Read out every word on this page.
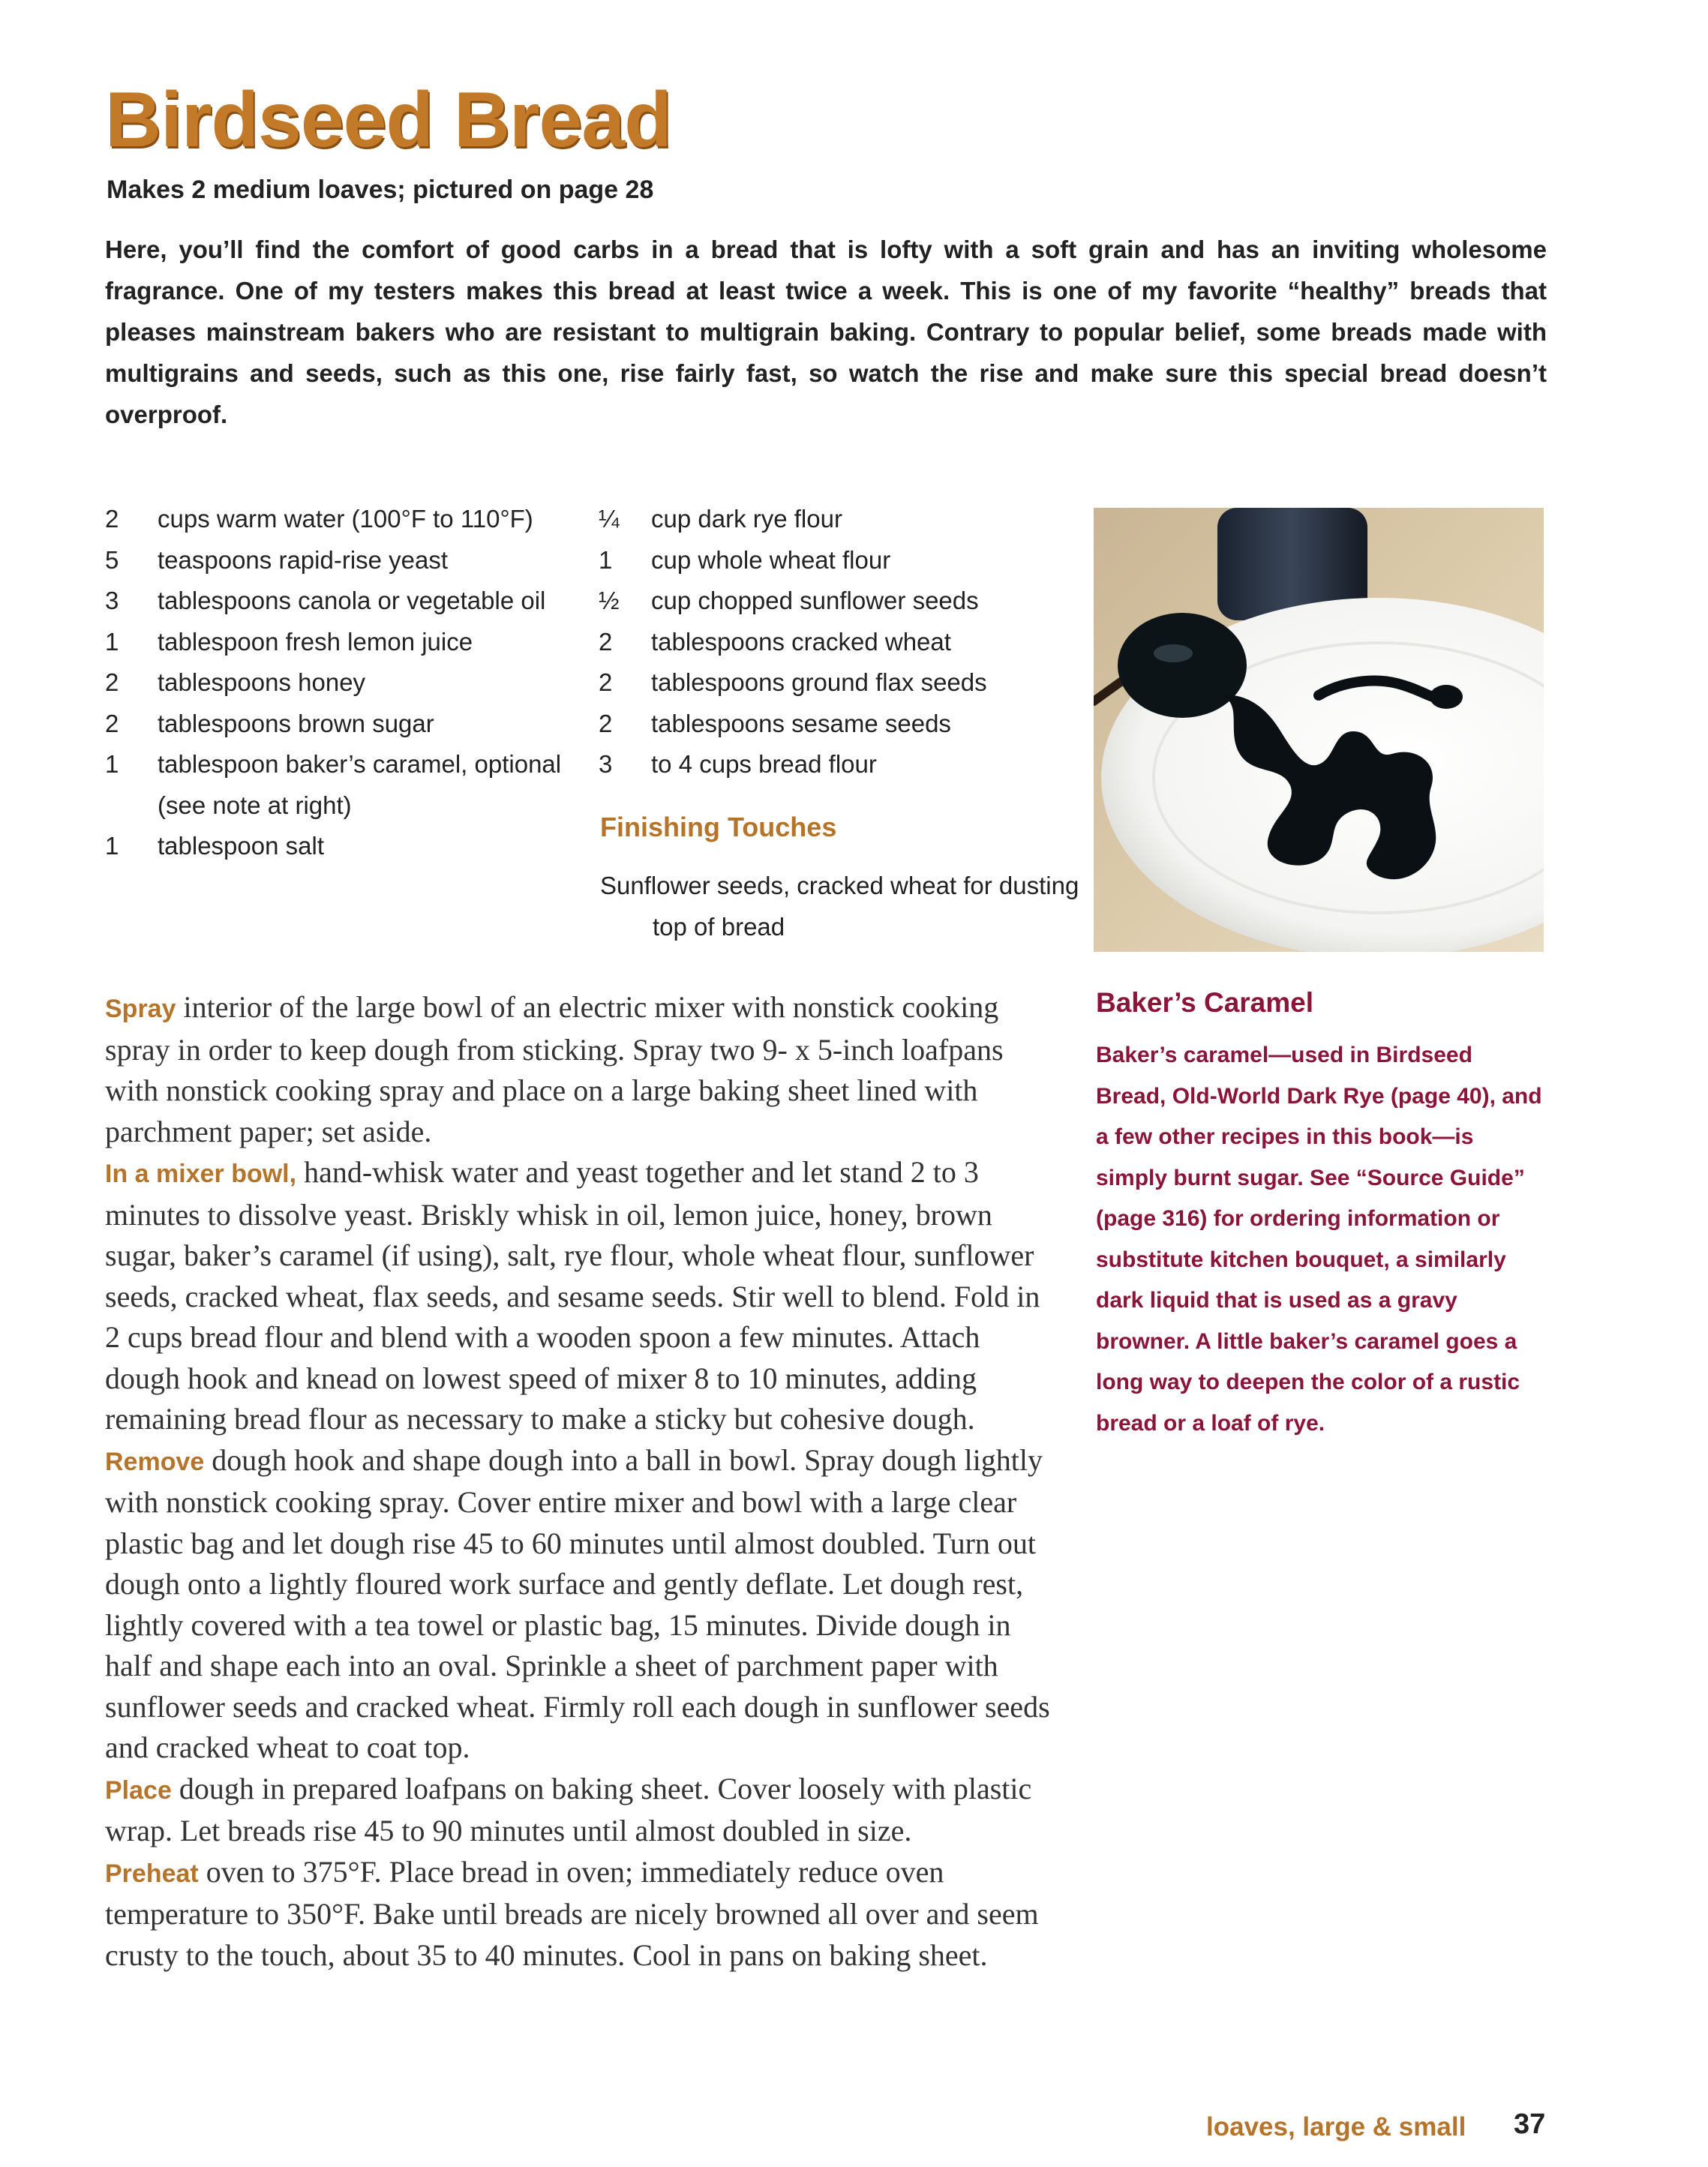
Birdseed Bread

Makes 2 medium loaves; pictured on page 28

Here, you’ll find the comfort of good carbs in a bread that is lofty with a soft grain and has an inviting wholesome fragrance. One of my testers makes this bread at least twice a week. This is one of my favorite “healthy” breads that pleases mainstream bakers who are resistant to multigrain baking. Contrary to popular belief, some breads made with multigrains and seeds, such as this one, rise fairly fast, so watch the rise and make sure this special bread doesn’t overproof.

2	cups warm water (100°F to 110°F)
5	teaspoons rapid-rise yeast
3	tablespoons canola or vegetable oil
1	tablespoon fresh lemon juice
2	tablespoons honey
2	tablespoons brown sugar
1	tablespoon baker’s caramel, optional (see note at right)
1	tablespoon salt
¼	cup dark rye flour
1	cup whole wheat flour
½	cup chopped sunflower seeds
2	tablespoons cracked wheat
2	tablespoons ground flax seeds
2	tablespoons sesame seeds
3	to 4 cups bread flour
Finishing Touches

Sunflower seeds, cracked wheat for dusting top of bread

Spray interior of the large bowl of an electric mixer with nonstick cooking spray in order to keep dough from sticking. Spray two 9- x 5-inch loafpans with nonstick cooking spray and place on a large baking sheet lined with parchment paper; set aside.

In a mixer bowl, hand-whisk water and yeast together and let stand 2 to 3 minutes to dissolve yeast. Briskly whisk in oil, lemon juice, honey, brown sugar, baker’s caramel (if using), salt, rye flour, whole wheat flour, sunflower seeds, cracked wheat, flax seeds, and sesame seeds. Stir well to blend. Fold in 2 cups bread flour and blend with a wooden spoon a few minutes. Attach dough hook and knead on lowest speed of mixer 8 to 10 minutes, adding remaining bread flour as necessary to make a sticky but cohesive dough.

Remove dough hook and shape dough into a ball in bowl. Spray dough lightly with nonstick cooking spray. Cover entire mixer and bowl with a large clear plastic bag and let dough rise 45 to 60 minutes until almost doubled. Turn out dough onto a lightly floured work surface and gently deflate. Let dough rest, lightly covered with a tea towel or plastic bag, 15 minutes. Divide dough in half and shape each into an oval. Sprinkle a sheet of parchment paper with sunflower seeds and cracked wheat. Firmly roll each dough in sunflower seeds and cracked wheat to coat top.

Place dough in prepared loafpans on baking sheet. Cover loosely with plastic wrap. Let breads rise 45 to 90 minutes until almost doubled in size.

Preheat oven to 375°F. Place bread in oven; immediately reduce oven temperature to 350°F. Bake until breads are nicely browned all over and seem crusty to the touch, about 35 to 40 minutes. Cool in pans on baking sheet.

Baker’s Caramel

Baker’s caramel—used in Birdseed Bread, Old-World Dark Rye (page 40), and a few other recipes in this book—is simply burnt sugar. See “Source Guide” (page 316) for ordering information or substitute kitchen bouquet, a similarly dark liquid that is used as a gravy browner. A little baker’s caramel goes a long way to deepen the color of a rustic bread or a loaf of rye.

loaves, large & small 37
